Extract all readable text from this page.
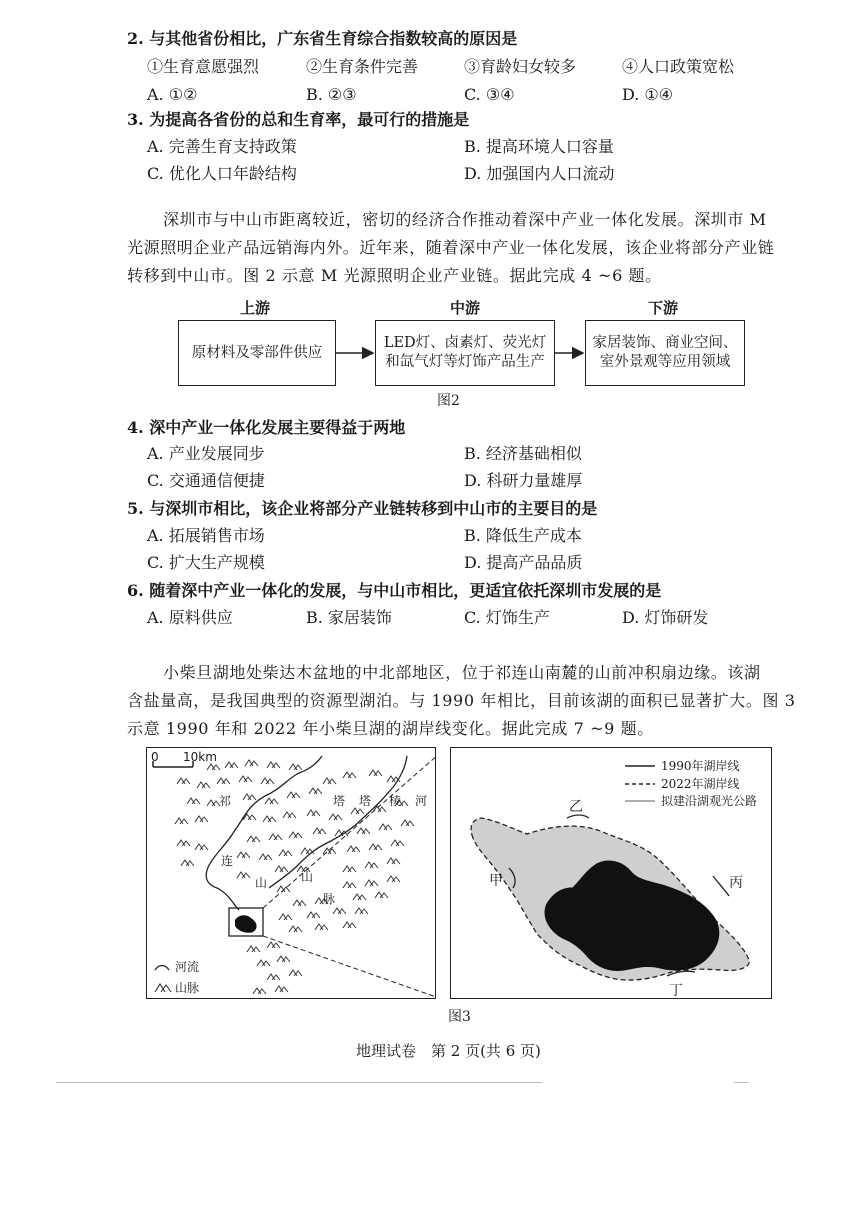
2. 与其他省份相比，广东省生育综合指数较高的原因是
①生育意愿强烈	②生育条件完善	③育龄妇女较多	④人口政策宽松
A. ①②	B. ②③	C. ③④	D. ①④
3. 为提高各省份的总和生育率，最可行的措施是
A. 完善生育支持政策	B. 提高环境人口容量
C. 优化人口年龄结构	D. 加强国内人口流动
深圳市与中山市距离较近，密切的经济合作推动着深中产业一体化发展。深圳市 M
光源照明企业产品远销海内外。近年来，随着深中产业一体化发展，该企业将部分产业链
转移到中山市。图 2 示意 M 光源照明企业产业链。据此完成 4 ~6 题。
上游	中游	下游
原材料及零部件供应
LED灯、卤素灯、荧光灯
和氙气灯等灯饰产品生产
家居装饰、商业空间、
室外景观等应用领域
图2
4. 深中产业一体化发展主要得益于两地
A. 产业发展同步	B. 经济基础相似
C. 交通通信便捷	D. 科研力量雄厚
5. 与深圳市相比，该企业将部分产业链转移到中山市的主要目的是
A. 拓展销售市场	B. 降低生产成本
C. 扩大生产规模	D. 提高产品品质
6. 随着深中产业一体化的发展，与中山市相比，更适宜依托深圳市发展的是
A. 原料供应	B. 家居装饰	C. 灯饰生产	D. 灯饰研发
小柴旦湖地处柴达木盆地的中北部地区，位于祁连山南麓的山前冲积扇边缘。该湖
含盐量高，是我国典型的资源型湖泊。与 1990 年相比，目前该湖的面积已显著扩大。图 3
示意 1990 年和 2022 年小柴旦湖的湖岸线变化。据此完成 7 ~9 题。
0 10km
祁
连
山
塔 塔 棱 河
山
脉
河流
山脉
1990年湖岸线
2022年湖岸线
拟建沿湖观光公路
乙
甲	丙
丁
图3
地理试卷　第 2 页(共 6 页)
